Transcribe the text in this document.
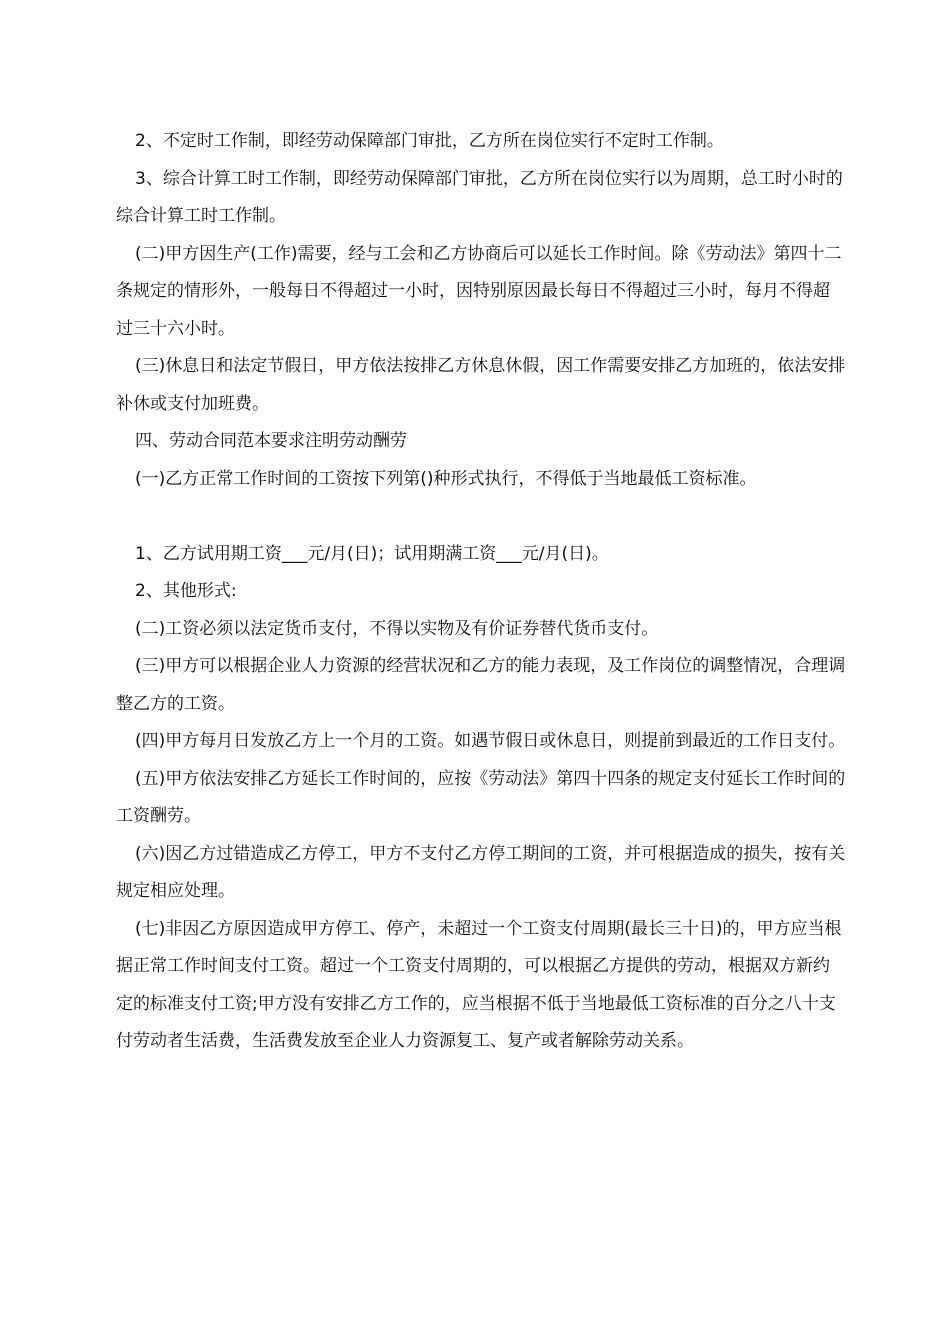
2、不定时工作制，即经劳动保障部门审批，乙方所在岗位实行不定时工作制。

3、综合计算工时工作制，即经劳动保障部门审批，乙方所在岗位实行以为周期，总工时小时的综合计算工时工作制。

(二)甲方因生产(工作)需要，经与工会和乙方协商后可以延长工作时间。除《劳动法》第四十二条规定的情形外，一般每日不得超过一小时，因特别原因最长每日不得超过三小时，每月不得超过三十六小时。

(三)休息日和法定节假日，甲方依法按排乙方休息休假，因工作需要安排乙方加班的，依法安排补休或支付加班费。

四、劳动合同范本要求注明劳动酬劳

(一)乙方正常工作时间的工资按下列第()种形式执行，不得低于当地最低工资标准。

1、乙方试用期工资___元/月(日)；试用期满工资___元/月(日)。

2、其他形式:

(二)工资必须以法定货币支付，不得以实物及有价证券替代货币支付。

(三)甲方可以根据企业人力资源的经营状况和乙方的能力表现，及工作岗位的调整情况，合理调整乙方的工资。

(四)甲方每月日发放乙方上一个月的工资。如遇节假日或休息日，则提前到最近的工作日支付。

(五)甲方依法安排乙方延长工作时间的，应按《劳动法》第四十四条的规定支付延长工作时间的工资酬劳。

(六)因乙方过错造成乙方停工，甲方不支付乙方停工期间的工资，并可根据造成的损失，按有关规定相应处理。

(七)非因乙方原因造成甲方停工、停产，未超过一个工资支付周期(最长三十日)的，甲方应当根据正常工作时间支付工资。超过一个工资支付周期的，可以根据乙方提供的劳动，根据双方新约定的标准支付工资;甲方没有安排乙方工作的，应当根据不低于当地最低工资标准的百分之八十支付劳动者生活费，生活费发放至企业人力资源复工、复产或者解除劳动关系。
